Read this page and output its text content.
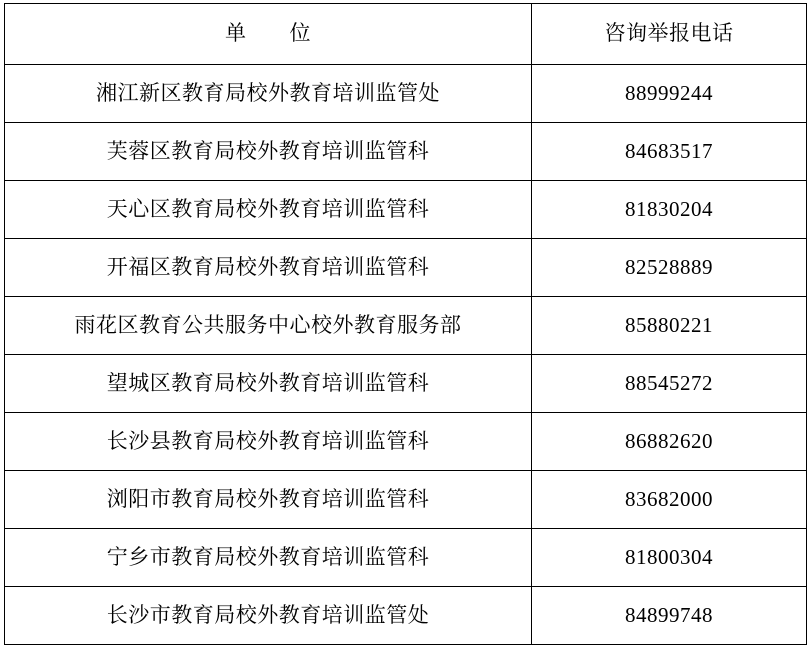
单　　位	咨询举报电话
湘江新区教育局校外教育培训监管处	88999244
芙蓉区教育局校外教育培训监管科	84683517
天心区教育局校外教育培训监管科	81830204
开福区教育局校外教育培训监管科	82528889
雨花区教育公共服务中心校外教育服务部	85880221
望城区教育局校外教育培训监管科	88545272
长沙县教育局校外教育培训监管科	86882620
浏阳市教育局校外教育培训监管科	83682000
宁乡市教育局校外教育培训监管科	81800304
长沙市教育局校外教育培训监管处	84899748
